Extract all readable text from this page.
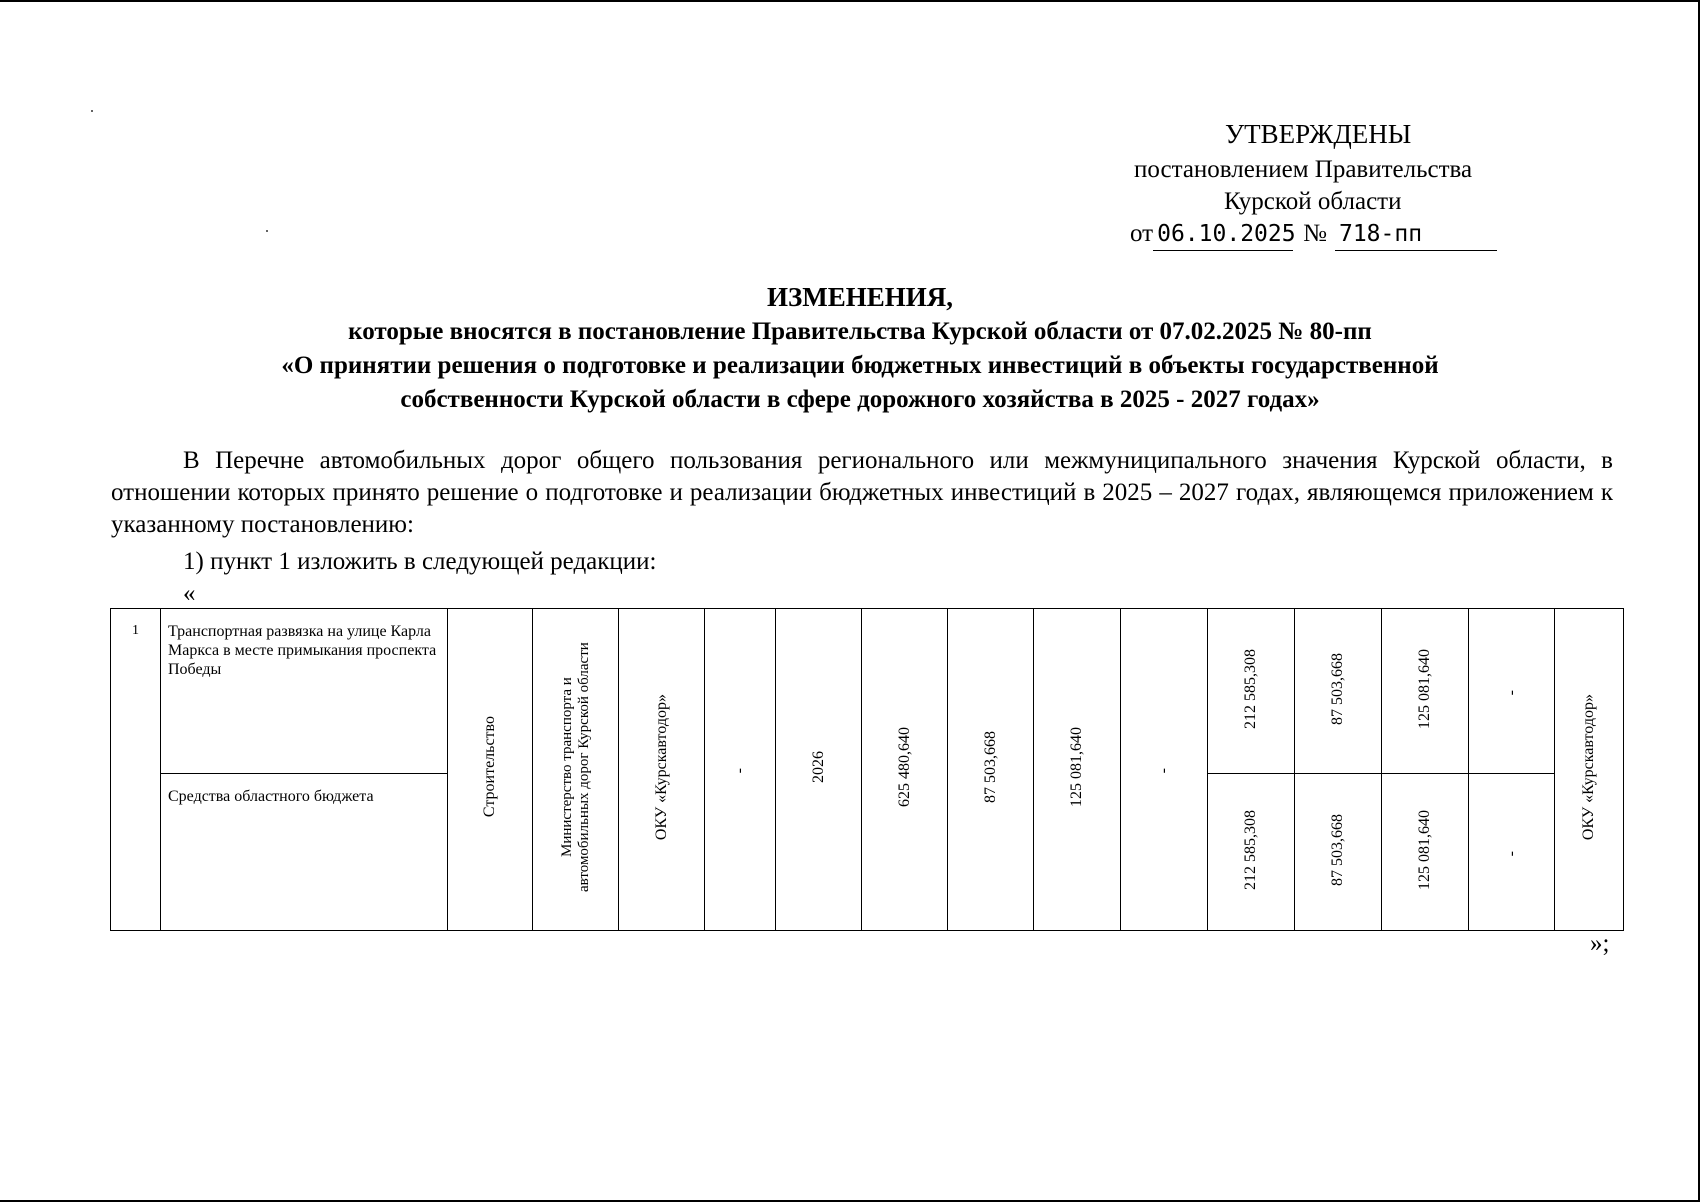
УТВЕРЖДЕНЫ
постановлением Правительства
Курской области
от 06.10.2025 № 718-пп
ИЗМЕНЕНИЯ,
которые вносятся в постановление Правительства Курской области от 07.02.2025 № 80-пп
«О принятии решения о подготовке и реализации бюджетных инвестиций в объекты государственной
собственности Курской области в сфере дорожного хозяйства в 2025 - 2027 годах»

В Перечне автомобильных дорог общего пользования регионального или межмуниципального значения Курской области, в отношении которых принято решение о подготовке и реализации бюджетных инвестиций в 2025 – 2027 годах, являющемся приложением к указанному постановлению:

1) пункт 1 изложить в следующей редакции:
«
1	Транспортная развязка на улице Карла Маркса в месте примыкания проспекта Победы	Строительство	Министерство транспорта и автомобильных дорог Курской области	ОКУ «Курскавтодор»	-	2026	625 480,640	87 503,668	125 081,640	-	212 585,308	87 503,668	125 081,640	-	ОКУ «Курскавтодор»
	Средства областного бюджета										212 585,308	87 503,668	125 081,640	-	
»;
